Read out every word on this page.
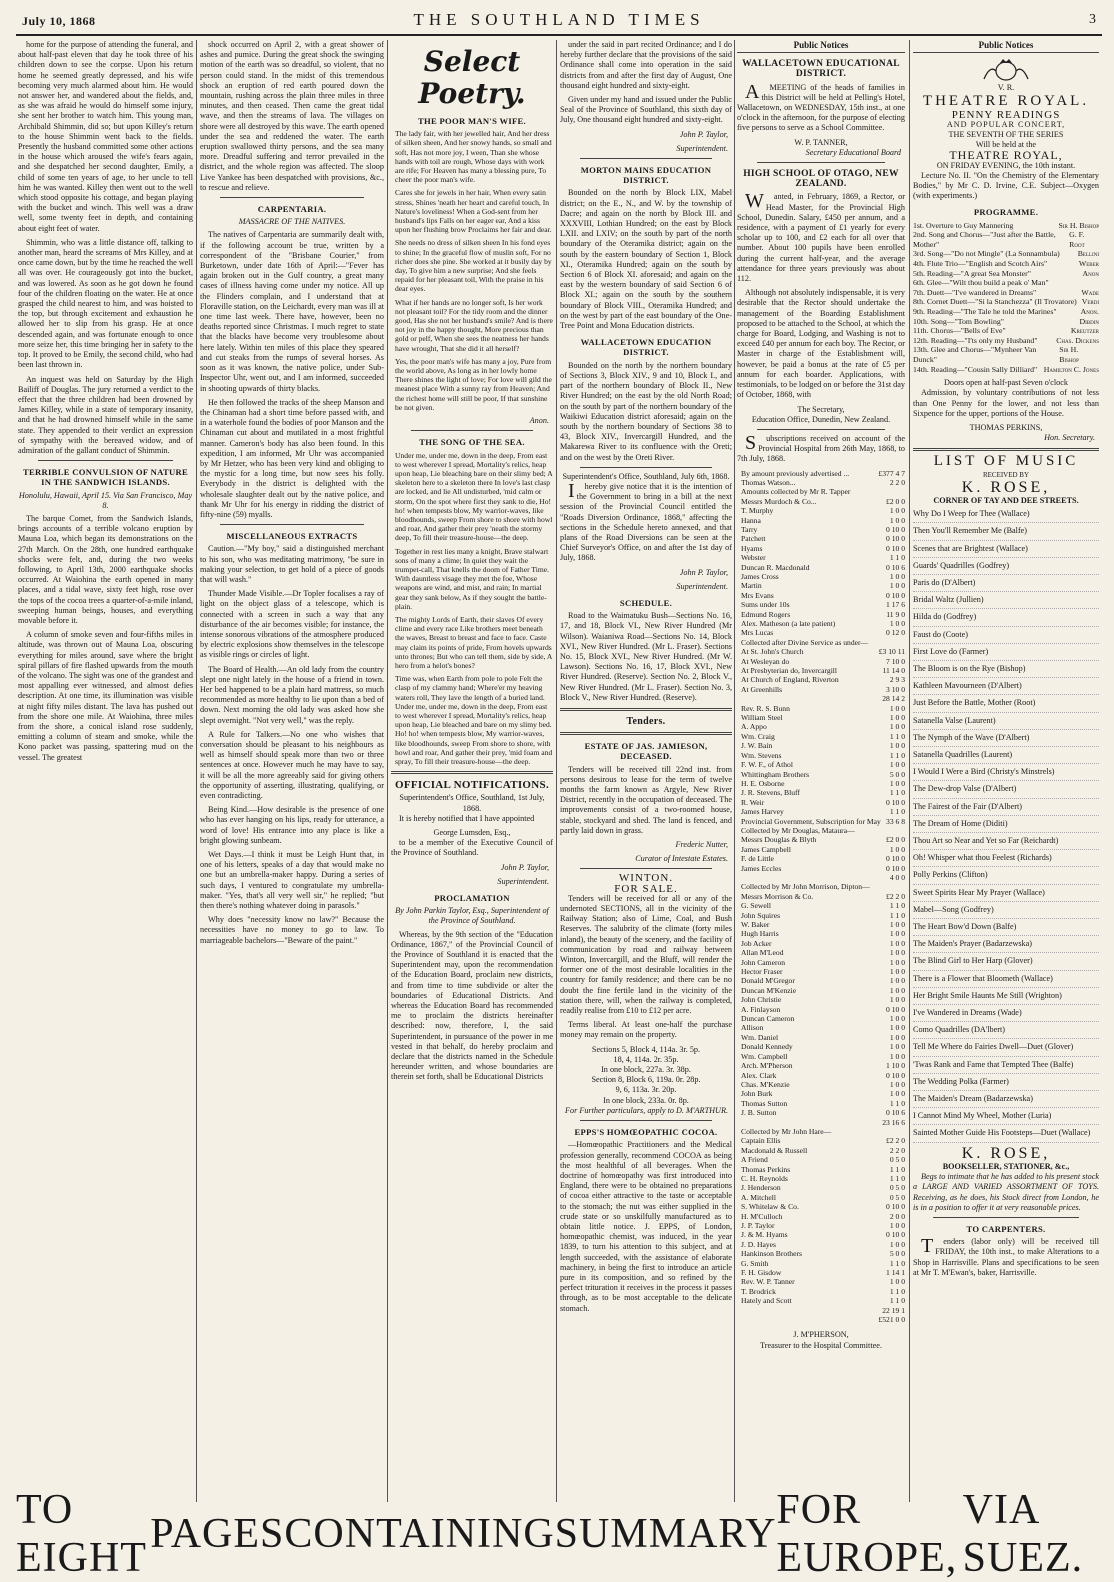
July 10, 1868	THE SOUTHLAND TIMES	3

home for the purpose of attending the funeral, and about half-past eleven that day he took three of his children down to see the corpse. Upon his return home he seemed greatly depressed, and his wife becoming very much alarmed about him. He would not answer her, and wandered about the fields, and, as she was afraid he would do himself some injury, she sent her brother to watch him. This young man, Archibald Shimmin, did so; but upon Killey's return to the house Shimmin went back to the fields. Presently the husband committed some other actions in the house which aroused the wife's fears again, and she despatched her second daughter, Emily, a child of some ten years of age, to her uncle to tell him he was wanted. Killey then went out to the well which stood opposite his cottage, and began playing with the bucket and winch. This well was a draw well, some twenty feet in depth, and containing about eight feet of water.

Shimmin, who was a little distance off, talking to another man, heard the screams of Mrs Killey, and at once came down, but by the time he reached the well all was over. He courageously got into the bucket, and was lowered. As soon as he got down he found four of the children floating on the water. He at once grasped the child nearest to him, and was hoisted to the top, but through excitement and exhaustion he allowed her to slip from his grasp. He at once descended again, and was fortunate enough to once more seize her, this time bringing her in safety to the top. It proved to be Emily, the second child, who had been last thrown in.

An inquest was held on Saturday by the High Bailiff of Douglas. The jury returned a verdict to the effect that the three children had been drowned by James Killey, while in a state of temporary insanity, and that he had drowned himself while in the same state. They appended to their verdict an expression of sympathy with the bereaved widow, and of admiration of the gallant conduct of Shimmin.

TERRIBLE CONVULSION OF NATURE IN THE SANDWICH ISLANDS.
Honolulu, Hawaii, April 15. Via San Francisco, May 8.

The barque Comet, from the Sandwich Islands, brings accounts of a terrible volcano eruption by Mauna Loa, which began its demonstrations on the 27th March. On the 28th, one hundred earthquake shocks were felt, and, during the two weeks following, to April 13th, 2000 earthquake shocks occurred. At Waiohina the earth opened in many places, and a tidal wave, sixty feet high, rose over the tops of the cocoa trees a quarter-of-a-mile inland, sweeping human beings, houses, and everything movable before it.

A column of smoke seven and four-fifths miles in altitude, was thrown out of Mauna Loa, obscuring everything for miles around, save where the bright spiral pillars of fire flashed upwards from the mouth of the volcano. The sight was one of the grandest and most appalling ever witnessed, and almost defies description. At one time, its illumination was visible at night fifty miles distant. The lava has pushed out from the shore one mile. At Waiohina, three miles from the shore, a conical island rose suddenly, emitting a column of steam and smoke, while the Kono packet was passing, spattering mud on the vessel. The greatest

shock occurred on April 2, with a great shower of ashes and pumice. During the great shock the swinging motion of the earth was so dreadful, so violent, that no person could stand. In the midst of this tremendous shock an eruption of red earth poured down the mountain, rushing across the plain three miles in three minutes, and then ceased. Then came the great tidal wave, and then the streams of lava. The villages on shore were all destroyed by this wave. The earth opened under the sea and reddened the water. The earth eruption swallowed thirty persons, and the sea many more. Dreadful suffering and terror prevailed in the district, and the whole region was affected. The sloop Live Yankee has been despatched with provisions, &c., to rescue and relieve.

CARPENTARIA.
MASSACRE OF THE NATIVES.

The natives of Carpentaria are summarily dealt with, if the following account be true, written by a correspondent of the "Brisbane Courier," from Burketown, under date 16th of April:—"Fever has again broken out in the Gulf country, a great many cases of illness having come under my notice. All up the Flinders complain, and I understand that at Floraville station, on the Leichardt, every man was ill at one time last week. There have, however, been no deaths reported since Christmas. I much regret to state that the blacks have become very troublesome about here lately. Within ten miles of this place they speared and cut steaks from the rumps of several horses. As soon as it was known, the native police, under Sub-Inspector Uhr, went out, and I am informed, succeeded in shooting upwards of thirty blacks.

He then followed the tracks of the sheep Manson and the Chinaman had a short time before passed with, and in a waterhole found the bodies of poor Manson and the Chinaman cut about and mutilated in a most frightful manner. Cameron's body has also been found. In this expedition, I am informed, Mr Uhr was accompanied by Mr Hetzer, who has been very kind and obliging to the mystic for a long time, but now sees his folly. Everybody in the district is delighted with the wholesale slaughter dealt out by the native police, and thank Mr Uhr for his energy in ridding the district of fifty-nine (59) myalls.

MISCELLANEOUS EXTRACTS

Caution.—"My boy," said a distinguished merchant to his son, who was meditating matrimony, "be sure in making your selection, to get hold of a piece of goods that will wash."

Thunder Made Visible.—Dr Topler focalises a ray of light on the object glass of a telescope, which is connected with a screen in such a way that any disturbance of the air becomes visible; for instance, the intense sonorous vibrations of the atmosphere produced by electric explosions show themselves in the telescope as visible rings or circles of light.

The Board of Health.—An old lady from the country slept one night lately in the house of a friend in town. Her bed happened to be a plain hard mattress, so much recommended as more healthy to lie upon than a bed of down. Next morning the old lady was asked how she slept overnight. "Not very well," was the reply.

A Rule for Talkers.—No one who wishes that conversation should be pleasant to his neighbours as well as himself should speak more than two or three sentences at once. However much he may have to say, it will be all the more agreeably said for giving others the opportunity of asserting, illustrating, qualifying, or even contradicting.

Being Kind.—How desirable is the presence of one who has ever hanging on his lips, ready for utterance, a word of love! His entrance into any place is like a bright glowing sunbeam.

Wet Days.—I think it must be Leigh Hunt that, in one of his letters, speaks of a day that would make no one but an umbrella-maker happy. During a series of such days, I ventured to congratulate my umbrella-maker. "Yes, that's all very well sir," he replied; "but then there's nothing whatever doing in parasols."

Why does "necessity know no law?" Because the necessities have no money to go to law. To marriageable bachelors—"Beware of the paint."

Select Poetry.
THE POOR MAN'S WIFE.
The lady fair, with her jewelled hair, And her dress of silken sheen, And her snowy hands, so small and soft, Has not more joy, I ween, Than she whose hands with toil are rough, Whose days with work are rife; For Heaven has many a blessing pure, To cheer the poor man's wife.
Cares she for jewels in her hair, When every satin stress, Shines 'neath her heart and careful touch, In Nature's loveliness! When a God-sent from her husband's lips Falls on her eager ear, And a kiss upon her flushing brow Proclaims her fair and dear.
She needs no dress of silken sheen In his fond eyes to shine; In the graceful flow of muslin soft, For no richer does she pine. She worked at it busily day by day, To give him a new surprise; And she feels repaid for her pleasant toil, With the praise in his dear eyes.
What if her hands are no longer soft, Is her work not pleasant toil? For the tidy room and the dinner good, Has she not her husband's smile? And is there not joy in the happy thought, More precious than gold or pelf, When she sees the neatness her hands have wrought, That she did it all herself?
Yes, the poor man's wife has many a joy, Pure from the world above, As long as in her lowly home There shines the light of love; For love will gild the meanest place With a sunny ray from Heaven; And the richest home will still be poor, If that sunshine be not given.
Anon.
THE SONG OF THE SEA.
Under me, under me, down in the deep, From east to west wherever I spread, Mortality's relics, heap upon heap, Lie bleaching bare on their slimy bed; A skeleton here to a skeleton there In love's last clasp are locked, and lie All undisturbed, 'mid calm or storm, On the spot where first they sank to die, Ho! ho! when tempests blow, My warrior-waves, like bloodhounds, sweep From shore to shore with howl and roar, And gather their prey 'neath the stormy deep, To fill their treasure-house—the deep.
Together in rest lies many a knight, Brave stalwart sons of many a clime; In quiet they wait the trumpet-call, That knells the doom of Father Time. With dauntless visage they met the foe, Whose weapons are wind, and mist, and rain; In martial gear they sank below, As if they sought the battle-plain.
The mighty Lords of Earth, their slaves Of every clime and every race Like brothers meet beneath the waves, Breast to breast and face to face. Caste may claim its points of pride, From hovels upwards unto thrones; But who can tell them, side by side, A hero from a helot's bones?
Time was, when Earth from pole to pole Felt the clasp of my clammy hand; Where'er my heaving waters roll, They lave the length of a buried land. Under me, under me, down in the deep, From east to west wherever I spread, Mortality's relics, heap upon heap, Lie bleached and bare on my slimy bed. Ho! ho! when tempests blow, My warrior-waves, like bloodhounds, sweep From shore to shore, with howl and roar, And gather their prey, 'mid foam and spray, To fill their treasure-house—the deep.
OFFICIAL NOTIFICATIONS.
Superintendent's Office, Southland, 1st July, 1868.

It is hereby notified that I have appointed

George Lumsden, Esq.,

to be a member of the Executive Council of the Province of Southland.

John P. Taylor,
Superintendent.
PROCLAMATION
By John Parkin Taylor, Esq., Superintendent of the Province of Southland.

Whereas, by the 9th section of the "Education Ordinance, 1867," of the Provincial Council of the Province of Southland it is enacted that the Superintendent may, upon the recommendation of the Education Board, proclaim new districts, and from time to time subdivide or alter the boundaries of Educational Districts. And whereas the Education Board has recommended me to proclaim the districts hereinafter described: now, therefore, I, the said Superintendent, in pursuance of the power in me vested in that behalf, do hereby proclaim and declare that the districts named in the Schedule hereunder written, and whose boundaries are therein set forth, shall be Educational Districts

under the said in part recited Ordinance; and I do hereby further declare that the provisions of the said Ordinance shall come into operation in the said districts from and after the first day of August, One thousand eight hundred and sixty-eight.

Given under my hand and issued under the Public Seal of the Province of Southland, this sixth day of July, One thousand eight hundred and sixty-eight.

John P. Taylor,
Superintendent.
MORTON MAINS EDUCATION DISTRICT.

Bounded on the north by Block LIX, Mabel district; on the E., N., and W. by the township of Dacre; and again on the north by Block III. and XXXVIII, Lothian Hundred; on the east by Block LXII. and LXIV; on the south by part of the north boundary of the Oteramika district; again on the south by the eastern boundary of Section 1, Block XI., Oteramika Hundred; again on the south by Section 6 of Block XI. aforesaid; and again on the east by the western boundary of said Section 6 of Block XI.; again on the south by the southern boundary of Block VIII., Oteramika Hundred; and on the west by part of the east boundary of the One-Tree Point and Mona Education districts.

WALLACETOWN EDUCATION DISTRICT.

Bounded on the north by the northern boundary of Sections 3, Block XIV., 9 and 10, Block I., and part of the northern boundary of Block II., New River Hundred; on the east by the old North Road; on the south by part of the northern boundary of the Waikiwi Education district aforesaid; again on the south by the northern boundary of Sections 38 to 43, Block XIV., Invercargill Hundred, and the Makarewa River to its confluence with the Oreti; and on the west by the Oreti River.

Superintendent's Office, Southland, July 6th, 1868.

Ihereby give notice that it is the intention of the Government to bring in a bill at the next session of the Provincial Council entitled the "Roads Diversion Ordinance, 1868," affecting the sections in the Schedule hereto annexed, and that plans of the Road Diversions can be seen at the Chief Surveyor's Office, on and after the 1st day of July, 1868.

John P. Taylor,
Superintendent.
SCHEDULE.

Road to the Waimatuku Bush—Sections No. 16, 17, and 18, Block VI., New River Hundred (Mr Wilson). Waianiwa Road—Sections No. 14, Block XVI., New River Hundred. (Mr L. Fraser). Sections No. 15, Block XVI., New River Hundred. (Mr W. Lawson). Sections No. 16, 17, Block XVI., New River Hundred. (Reserve). Section No. 2, Block V., New River Hundred. (Mr L. Fraser). Section No. 3, Block V., New River Hundred. (Reserve).

Tenders.
ESTATE OF JAS. JAMIESON, DECEASED.

Tenders will be received till 22nd inst. from persons desirous to lease for the term of twelve months the farm known as Argyle, New River District, recently in the occupation of deceased. The improvements consist of a two-roomed house, stable, stockyard and shed. The land is fenced, and partly laid down in grass.

Frederic Nutter,
Curator of Intestate Estates.
WINTON.
FOR SALE.

Tenders will be received for all or any of the undernoted SECTIONS, all in the vicinity of the Railway Station; also of Lime, Coal, and Bush Reserves. The salubrity of the climate (forty miles inland), the beauty of the scenery, and the facility of communication by road and railway between Winton, Invercargill, and the Bluff, will render the former one of the most desirable localities in the country for family residence; and there can be no doubt the fine fertile land in the vicinity of the station there, will, when the railway is completed, readily realise from £10 to £12 per acre.

Terms liberal. At least one-half the purchase money may remain on the property.

Sections 5, Block 4, 114a. 3r. 5p.
18, 4, 114a. 2r. 35p.
In one block, 227a. 3r. 38p.
Section 8, Block 6, 119a. 0r. 28p.
9, 6, 113a. 3r. 20p.
In one block, 233a. 0r. 8p.
For Further particulars, apply to D. M'ARTHUR.
EPPS'S HOMŒOPATHIC COCOA.

—Homœopathic Practitioners and the Medical profession generally, recommend COCOA as being the most healthful of all beverages. When the doctrine of homœopathy was first introduced into England, there were to be obtained no preparations of cocoa either attractive to the taste or acceptable to the stomach; the nut was either supplied in the crude state or so unskilfully manufactured as to obtain little notice. J. EPPS, of London, homœopathic chemist, was induced, in the year 1839, to turn his attention to this subject, and at length succeeded, with the assistance of elaborate machinery, in being the first to introduce an article pure in its composition, and so refined by the perfect trituration it receives in the process it passes through, as to be most acceptable to the delicate stomach.

Public Notices
WALLACETOWN EDUCATIONAL DISTRICT.

AMEETING of the heads of families in this District will be held at Pelling's Hotel, Wallacetown, on WEDNESDAY, 15th inst., at one o'clock in the afternoon, for the purpose of electing five persons to serve as a School Committee.

W. P. TANNER,
Secretary Educational Board
HIGH SCHOOL OF OTAGO, NEW ZEALAND.

Wanted, in February, 1869, a Rector, or Head Master, for the Provincial High School, Dunedin. Salary, £450 per annum, and a residence, with a payment of £1 yearly for every scholar up to 100, and £2 each for all over that number. About 100 pupils have been enrolled during the current half-year, and the average attendance for three years previously was about 112.

Although not absolutely indispensable, it is very desirable that the Rector should undertake the management of the Boarding Establishment proposed to be attached to the School, at which the charge for Board, Lodging, and Washing is not to exceed £40 per annum for each boy. The Rector, or Master in charge of the Establishment will, however, be paid a bonus at the rate of £5 per annum for each boarder. Applications, with testimonials, to be lodged on or before the 31st day of October, 1868, with

The Secretary,
Education Office, Dunedin, New Zealand.

Subscriptions received on account of the Provincial Hospital from 26th May, 1868, to 7th July, 1868.

By amount previously advertised ...	£377 4 7
Thomas Watson...	2 2 0
Amounts collected by Mr R. Tapper
Messrs Murdoch & Co...	£2 0 0
T. Murphy	1 0 0
Hanna	1 0 0
Tarry	0 10 0
Patchett	0 10 0
Hyams	0 10 0
Webster	1 1 0
Duncan R. Macdonald	0 10 6
James Cross	1 0 0
Martin	1 0 0
Mrs Evans	0 10 0
Sums under 10s	1 17 6
Edmund Rogers	11 9 0
Alex. Matheson (a late patient)	1 0 0
Mrs Lucas	0 12 0
Collected after Divine Service as under—
At St. John's Church	£3 10 11
At Wesleyan do	7 10 0
At Presbyterian do, Invercargill	11 14 0
At Church of England, Riverton	2 9 3
At Greenhills	3 10 0
28 14 2
Rev. R. S. Bunn	1 0 0
William Steel	1 0 0
A. Appo	1 0 0
Wm. Craig	1 1 0
J. W. Bain	1 0 0
Wm. Stevens	1 1 0
F. W. F., of Athol	1 0 0
Whittingham Brothers	5 0 0
H. E. Osborne	1 0 0
J. R. Stevens, Bluff	1 1 0
R. Weir	0 10 0
James Harvey	1 1 0
Provincial Government, Subscription for May 33 6 8
Collected by Mr Douglas, Mataura—
Messrs Douglas & Blyth	£2 0 0
James Campbell	1 0 0
F. de Little	0 10 0
James Eccles	0 10 0
4 0 0
Collected by Mr John Morrison, Dipton—
Messrs Morrison & Co.	£2 2 0
G. Sewell	1 1 0
John Squires	1 1 0
W. Baker	1 0 0
Hugh Harris	1 0 0
Job Acker	1 0 0
Allan M'Leod	1 0 0
John Cameron	1 0 0
Hector Fraser	1 0 0
Donald M'Gregor	1 0 0
Duncan M'Kenzie	1 0 0
John Christie	1 0 0
A. Finlayson	0 10 0
Duncan Cameron	1 0 0
Allison	1 0 0
Wm. Daniel	1 0 0
Donald Kennedy	1 0 0
Wm. Campbell	1 0 0
Arch. M'Pherson	1 10 0
Alex. Clark	0 10 0
Chas. M'Kenzie	1 0 0
John Burk	1 0 0
Thomas Sutton	1 1 0
J. B. Sutton	0 10 6
23 16 6
Collected by Mr John Hare—
Captain Ellis	£2 2 0
Macdonald & Russell	2 2 0
A Friend	0 5 0
Thomas Perkins	1 1 0
C. H. Reynolds	1 1 0
J. Henderson	0 5 0
A. Mitchell	0 5 0
S. Whitelaw & Co.	0 10 0
H. M'Culloch	2 0 0
J. P. Taylor	1 0 0
J. & M. Hyams	0 10 0
J. D. Hayes	1 0 0
Hankinson Brothers	5 0 0
G. Smith	1 1 0
F. H. Gisdow	1 14 1
Rev. W. P. Tanner	1 0 0
T. Brodrick	1 1 0
Hately and Scott	1 1 0
22 19 1
£521 0 0
J. M'PHERSON,
Treasurer to the Hospital Committee.
Public Notices
V. R.
THEATRE ROYAL.
PENNY READINGS
AND POPULAR CONCERT,
THE SEVENTH OF THE SERIES
Will be held at the
THEATRE ROYAL,
ON FRIDAY EVENING, the 10th instant.

Lecture No. II. "On the Chemistry of the Elementary Bodies," by Mr C. D. Irvine, C.E. Subject—Oxygen (with experiments.)

PROGRAMME.
1st. Overture to Guy Mannering	Sir H. Bishop
2nd. Song and Chorus—"Just after the Battle, Mother"
G. F. Root
3rd. Song—"Do not Mingle" (La Sonnambula) Bellini
4th. Flute Trio—"English and Scotch Airs"	Weber
5th. Reading—"A great Sea Monster"	Anon
6th. Glee—"Wilt thou build a peak o' Man"
7th. Duett—"I've wandered in Dreams"	Wade
8th. Cornet Duett—"Si la Stanchezza" (Il Trovatore) Verdi
9th. Reading—"The Tale he told the Marines"	Anon.
10th. Song—"Tom Bowling"	Dibdin
11th. Chorus—"Bells of Eve"	Kreutzer
12th. Reading—"I'ts only my Husband" Chas. Dickens
13th. Glee and Chorus—"Mynheer Van Dunck"
Sir H. Bishop
14th. Reading—"Cousin Sally Dilliard" Hamilton C. Jones
Doors open at half-past Seven o'clock

Admission, by voluntary contributions of not less than One Penny for the lower, and not less than Sixpence for the upper, portions of the House.

THOMAS PERKINS,
Hon. Secretary.
LIST OF MUSIC
RECEIVED BY
K. ROSE,
CORNER OF TAY AND DEE STREETS.
Why Do I Weep for Thee (Wallace)
Then You'll Remember Me (Balfe)
Scenes that are Brightest (Wallace)
Guards' Quadrilles (Godfrey)
Paris do (D'Albert)
Bridal Waltz (Jullien)
Hilda do (Godfrey)
Faust do (Coote)
First Love do (Farmer)
The Bloom is on the Rye (Bishop)
Kathleen Mavourneen (D'Albert)
Just Before the Battle, Mother (Root)
Satanella Valse (Laurent)
The Nymph of the Wave (D'Albert)
Satanella Quadrilles (Laurent)
I Would I Were a Bird (Christy's Minstrels)
The Dew-drop Valse (D'Albert)
The Fairest of the Fair (D'Albert)
The Dream of Home (Diditi)
Thou Art so Near and Yet so Far (Reichardt)
Oh! Whisper what thou Feelest (Richards)
Polly Perkins (Clifton)
Sweet Spirits Hear My Prayer (Wallace)
Mabel—Song (Godfrey)
The Heart Bow'd Down (Balfe)
The Maiden's Prayer (Badarzewska)
The Blind Girl to Her Harp (Glover)
There is a Flower that Bloometh (Wallace)
Her Bright Smile Haunts Me Still (Wrighton)
I've Wandered in Dreams (Wade)
Como Quadrilles (DA'lbert)
Tell Me Where do Fairies Dwell—Duet (Glover)
'Twas Rank and Fame that Tempted Thee (Balfe)
The Wedding Polka (Farmer)
The Maiden's Dream (Badarzewska)
I Cannot Mind My Wheel, Mother (Luria)
Sainted Mother Guide His Footsteps—Duet (Wallace)
K. ROSE,
BOOKSELLER, STATIONER, &c.,

Begs to intimate that he has added to his present stock a LARGE AND VARIED ASSORTMENT OF TOYS. Receiving, as he does, his Stock direct from London, he is in a position to offer it at very reasonable prices.

TO CARPENTERS.

Tenders (labor only) will be received till FRIDAY, the 10th inst., to make Alterations to a Shop in Harrisville. Plans and specifications to be seen at Mr T. M'Ewan's, baker, Harrisville.

TO EIGHT
PAGES CONTAINING SUMMARY
FOR EUROPE,
VIA SUEZ.
